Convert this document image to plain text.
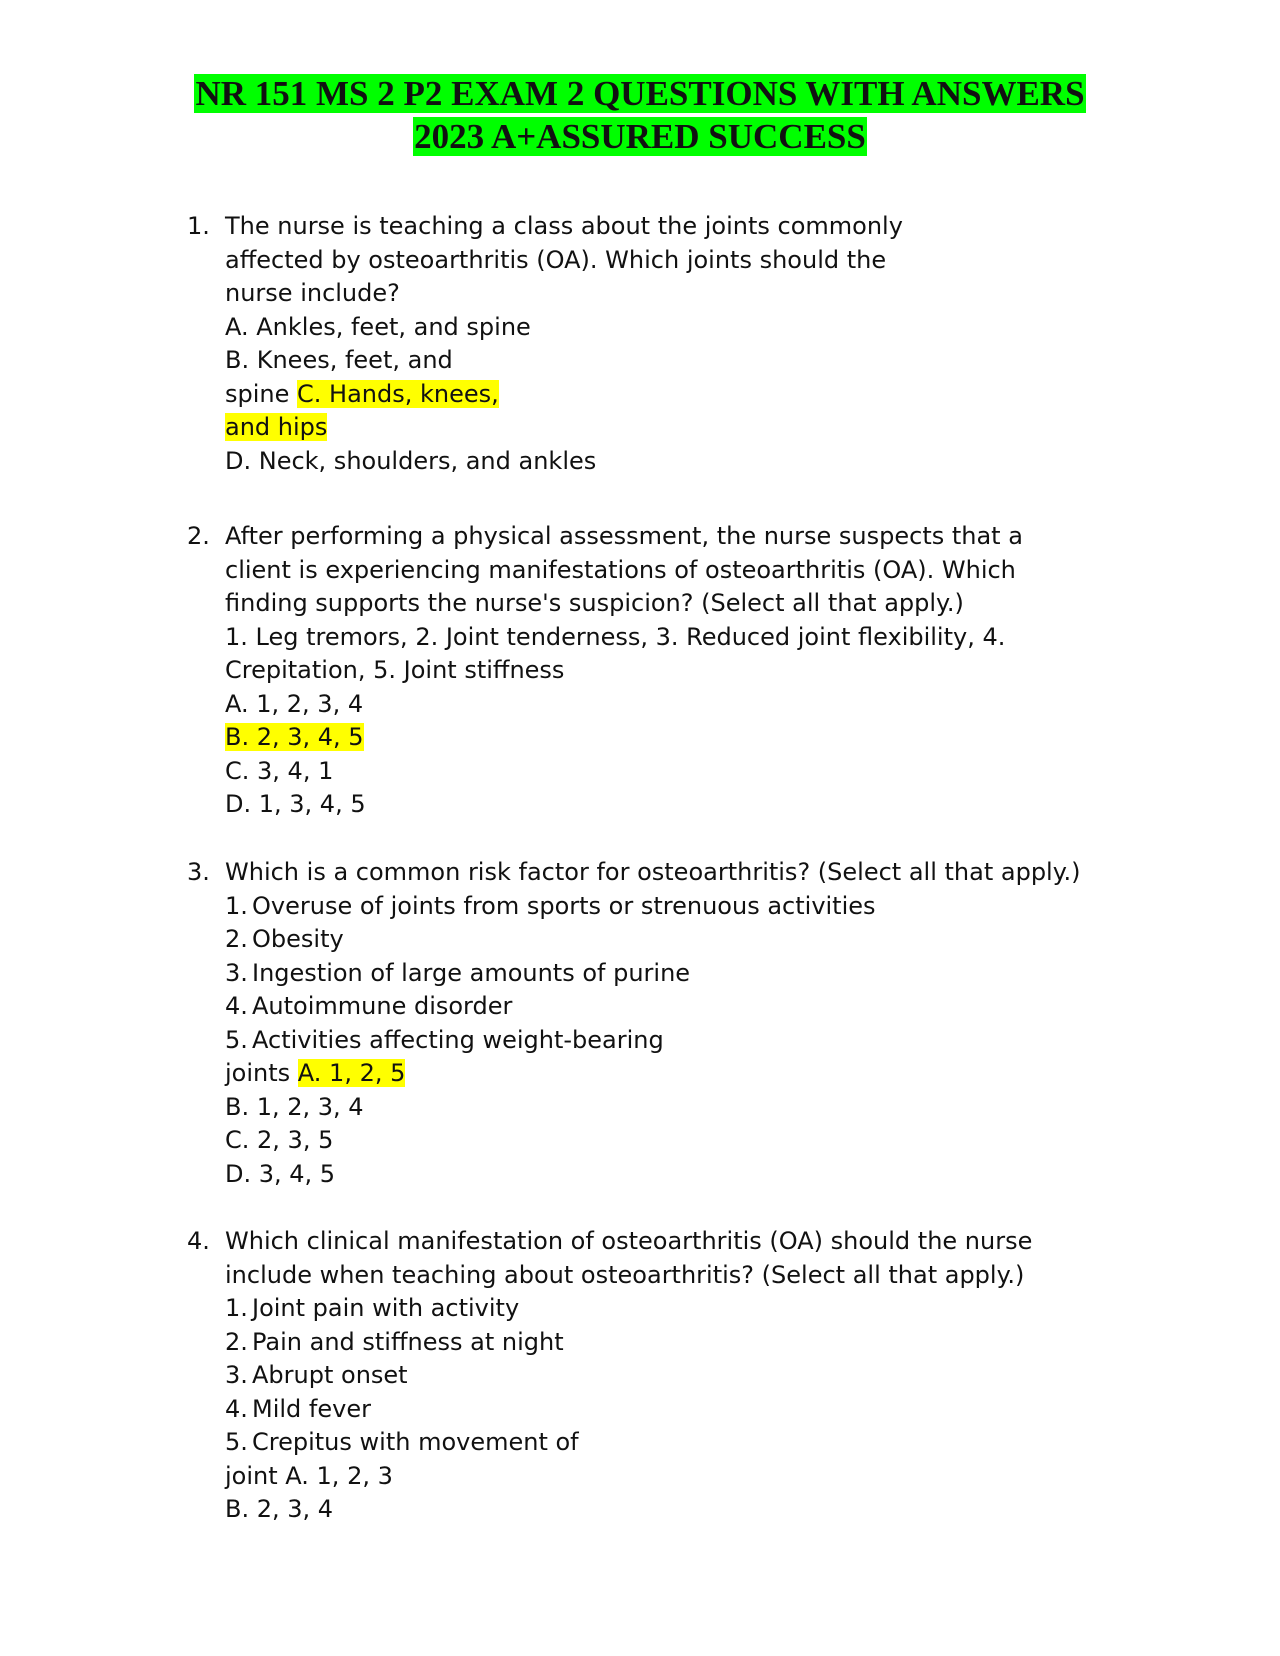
NR 151 MS 2 P2 EXAM 2 QUESTIONS WITH ANSWERS
2023 A+ASSURED SUCCESS
1. The nurse is teaching a class about the joints commonly
affected by osteoarthritis (OA). Which joints should the
nurse include?
A. Ankles, feet, and spine
B. Knees, feet, and
spine C. Hands, knees,
and hips
D. Neck, shoulders, and ankles
2. After performing a physical assessment, the nurse suspects that a
client is experiencing manifestations of osteoarthritis (OA). Which
finding supports the nurse's suspicion? (Select all that apply.)
1. Leg tremors, 2. Joint tenderness, 3. Reduced joint flexibility, 4.
Crepitation, 5. Joint stiffness
A. 1, 2, 3, 4
B. 2, 3, 4, 5
C. 3, 4, 1
D. 1, 3, 4, 5
3. Which is a common risk factor for osteoarthritis? (Select all that apply.)
1. Overuse of joints from sports or strenuous activities
2. Obesity
3. Ingestion of large amounts of purine
4. Autoimmune disorder
5. Activities affecting weight-bearing
joints A. 1, 2, 5
B. 1, 2, 3, 4
C. 2, 3, 5
D. 3, 4, 5
4. Which clinical manifestation of osteoarthritis (OA) should the nurse
include when teaching about osteoarthritis? (Select all that apply.)
1. Joint pain with activity
2. Pain and stiffness at night
3. Abrupt onset
4. Mild fever
5. Crepitus with movement of
joint A. 1, 2, 3
B. 2, 3, 4
